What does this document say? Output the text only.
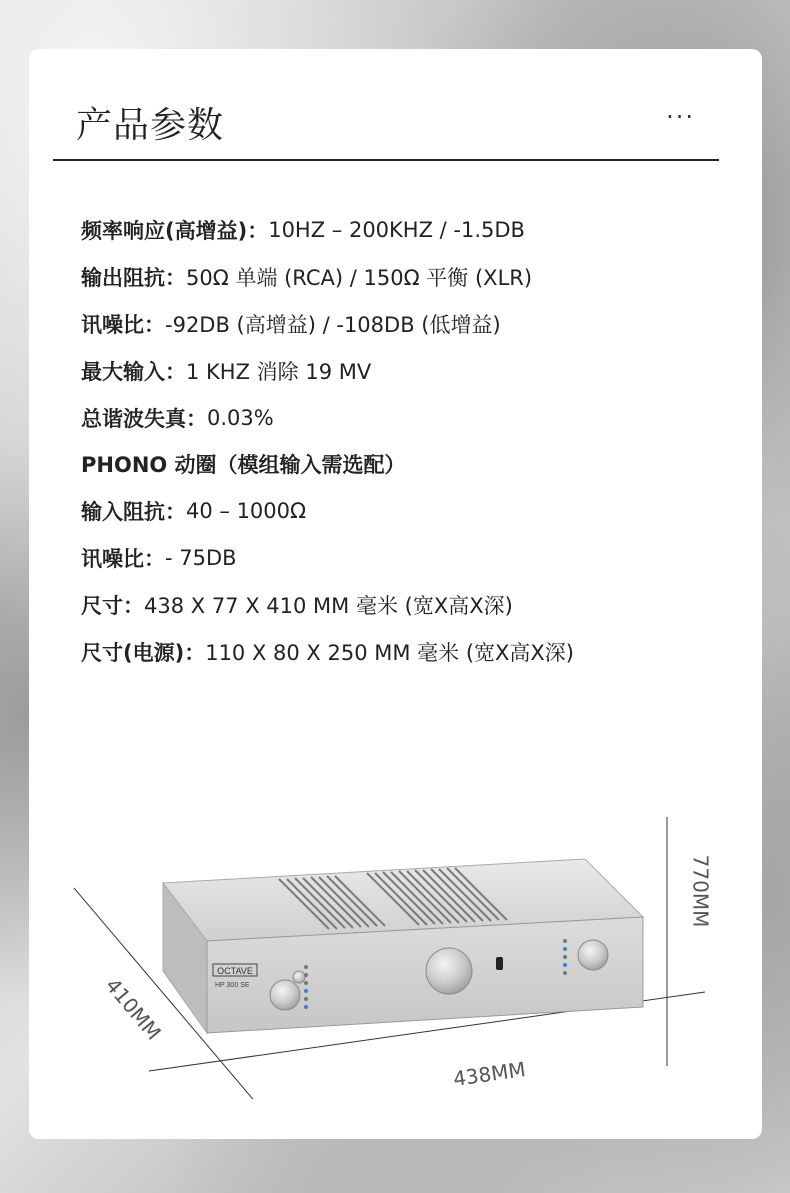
产品参数	···
频率响应(高增益)： 10HZ – 200KHZ / -1.5DB
输出阻抗： 50Ω 单端 (RCA) / 150Ω 平衡 (XLR)
讯噪比： -92DB (高增益) / -108DB (低增益)
最大输入： 1 KHZ 消除 19 MV
总谐波失真： 0.03%
PHONO 动圈（模组输入需选配）
输入阻抗： 40 – 1000Ω
讯噪比： - 75DB
尺寸： 438 X 77 X 410 MM 毫米 (宽X高X深)
尺寸(电源)： 110 X 80 X 250 MM 毫米 (宽X高X深)
OCTAVE
HP 300 SE
438MM
410MM
770MM
